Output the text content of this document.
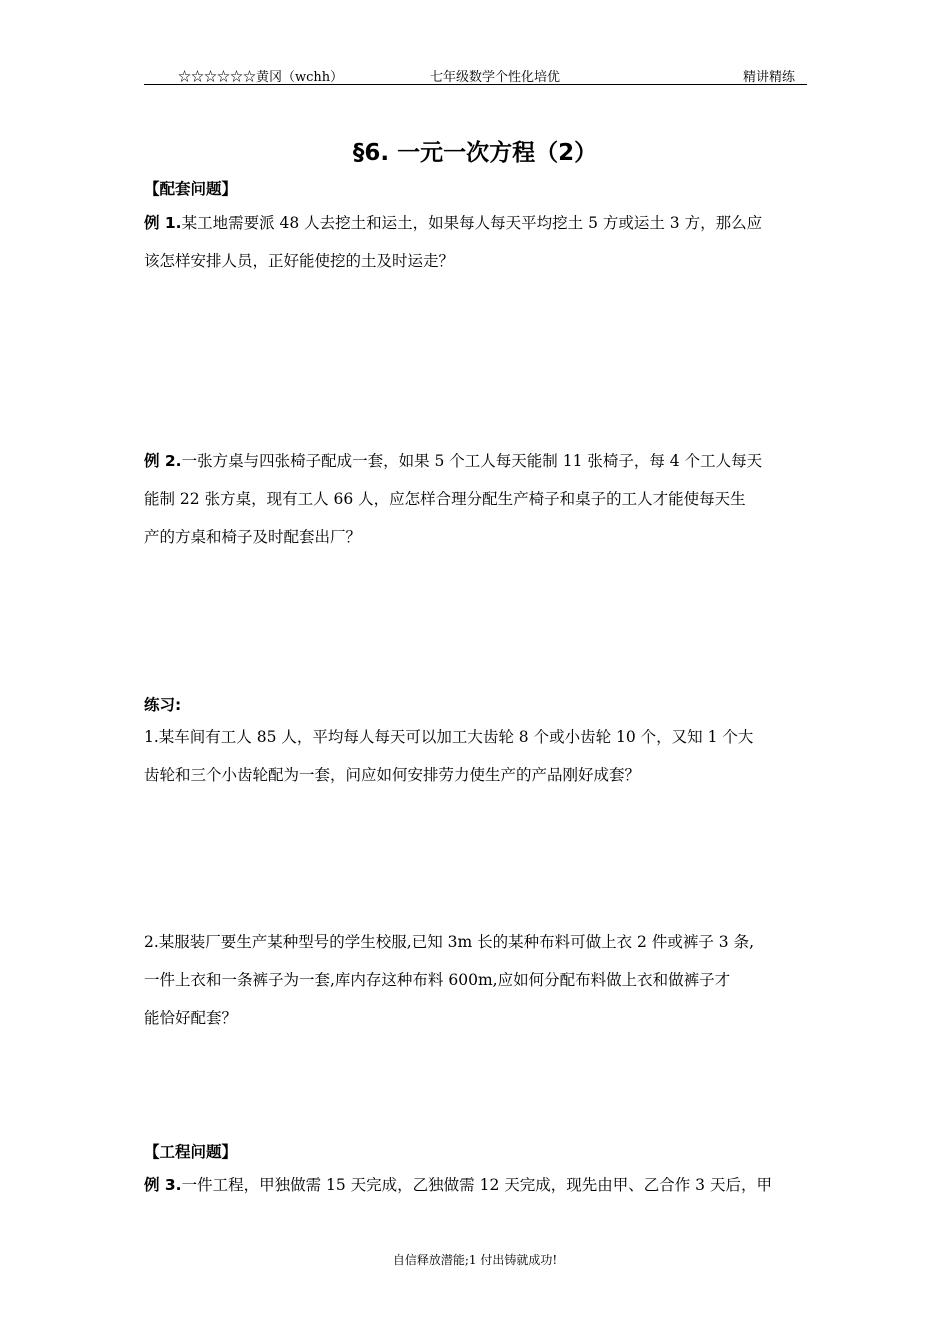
☆☆☆☆☆☆黄冈（wchh）	七年级数学个性化培优	精讲精练
§6. 一元一次方程（2）
【配套问题】
例 1.某工地需要派 48 人去挖土和运土，如果每人每天平均挖土 5 方或运土 3 方，那么应
该怎样安排人员，正好能使挖的土及时运走？
例 2.一张方桌与四张椅子配成一套，如果 5 个工人每天能制 11 张椅子，每 4 个工人每天
能制 22 张方桌，现有工人 66 人，应怎样合理分配生产椅子和桌子的工人才能使每天生
产的方桌和椅子及时配套出厂？
练习:
1.某车间有工人 85 人，平均每人每天可以加工大齿轮 8 个或小齿轮 10 个，又知 1 个大
齿轮和三个小齿轮配为一套，问应如何安排劳力使生产的产品刚好成套？
2.某服装厂要生产某种型号的学生校服,已知 3m 长的某种布料可做上衣 2 件或裤子 3 条,
一件上衣和一条裤子为一套,库内存这种布料 600m,应如何分配布料做上衣和做裤子才
能恰好配套？
【工程问题】
例 3.一件工程，甲独做需 15 天完成，乙独做需 12 天完成，现先由甲、乙合作 3 天后，甲
自信释放潜能;1 付出铸就成功!
